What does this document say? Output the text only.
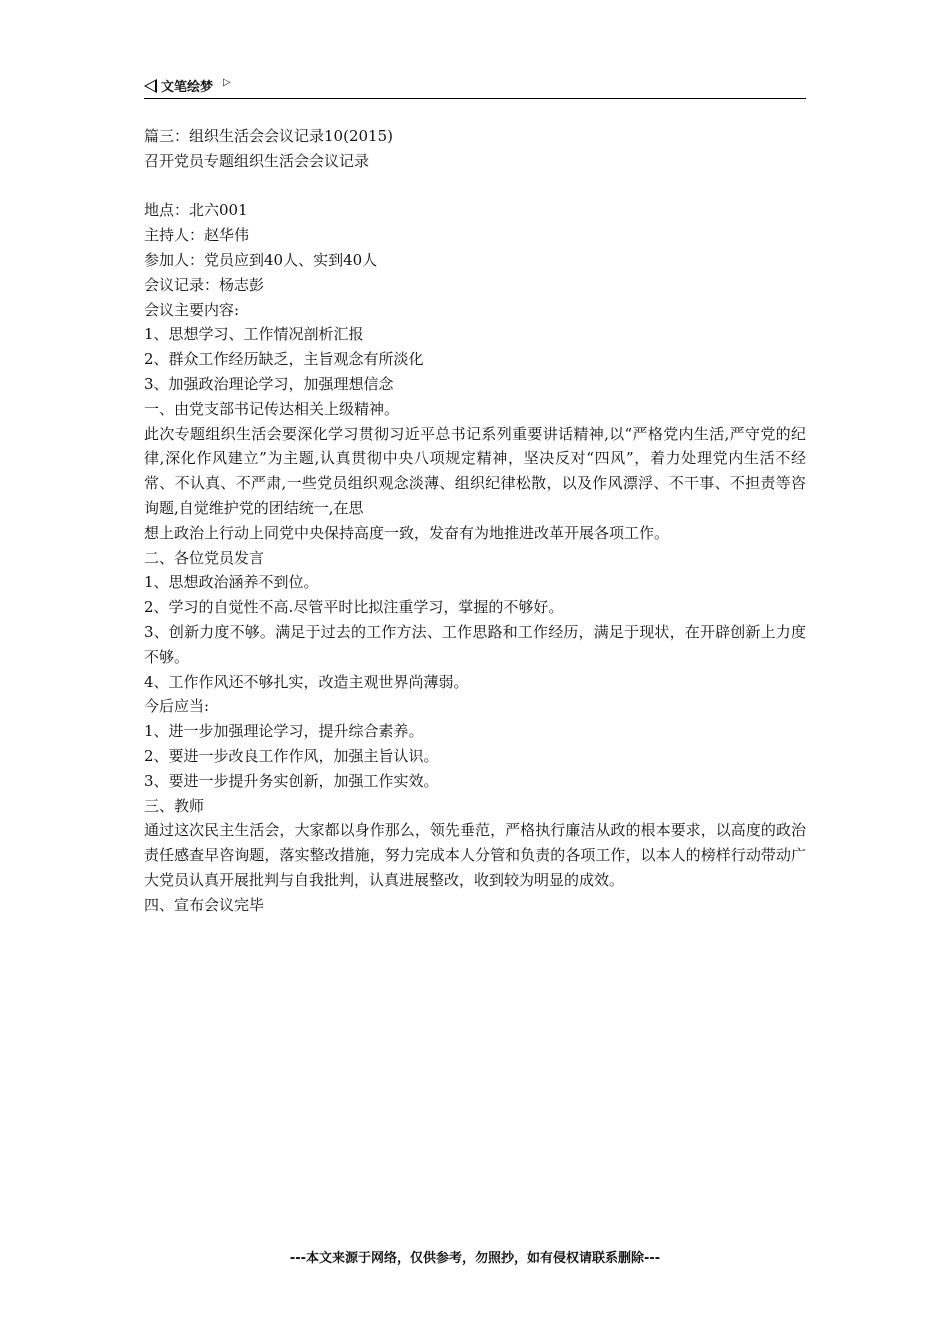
文笔绘梦 ▷

篇三：组织生活会会议记录10(2015)

召开党员专题组织生活会会议记录

地点：北六001

主持人：赵华伟

参加人：党员应到40人、实到40人

会议记录：杨志彭

会议主要内容:

1、思想学习、工作情况剖析汇报

2、群众工作经历缺乏，主旨观念有所淡化

3、加强政治理论学习，加强理想信念

一、由党支部书记传达相关上级精神。

此次专题组织生活会要深化学习贯彻习近平总书记系列重要讲话精神,以“严格党内生活,严守党的纪律,深化作风建立”为主题,认真贯彻中央八项规定精神，坚决反对“四风”，着力处理党内生活不经常、不认真、不严肃,一些党员组织观念淡薄、组织纪律松散，以及作风漂浮、不干事、不担责等咨询题,自觉维护党的团结统一,在思

想上政治上行动上同党中央保持高度一致，发奋有为地推进改革开展各项工作。

二、各位党员发言

1、思想政治涵养不到位。

2、学习的自觉性不高.尽管平时比拟注重学习，掌握的不够好。

3、创新力度不够。满足于过去的工作方法、工作思路和工作经历，满足于现状，在开辟创新上力度不够。

4、工作作风还不够扎实，改造主观世界尚薄弱。

今后应当:

1、进一步加强理论学习，提升综合素养。

2、要进一步改良工作作风，加强主旨认识。

3、要进一步提升务实创新，加强工作实效。

三、教师

通过这次民主生活会，大家都以身作那么，领先垂范，严格执行廉洁从政的根本要求，以高度的政治责任感查早咨询题，落实整改措施，努力完成本人分管和负责的各项工作，以本人的榜样行动带动广大党员认真开展批判与自我批判，认真进展整改，收到较为明显的成效。

四、宣布会议完毕

---本文来源于网络，仅供参考，勿照抄，如有侵权请联系删除---
